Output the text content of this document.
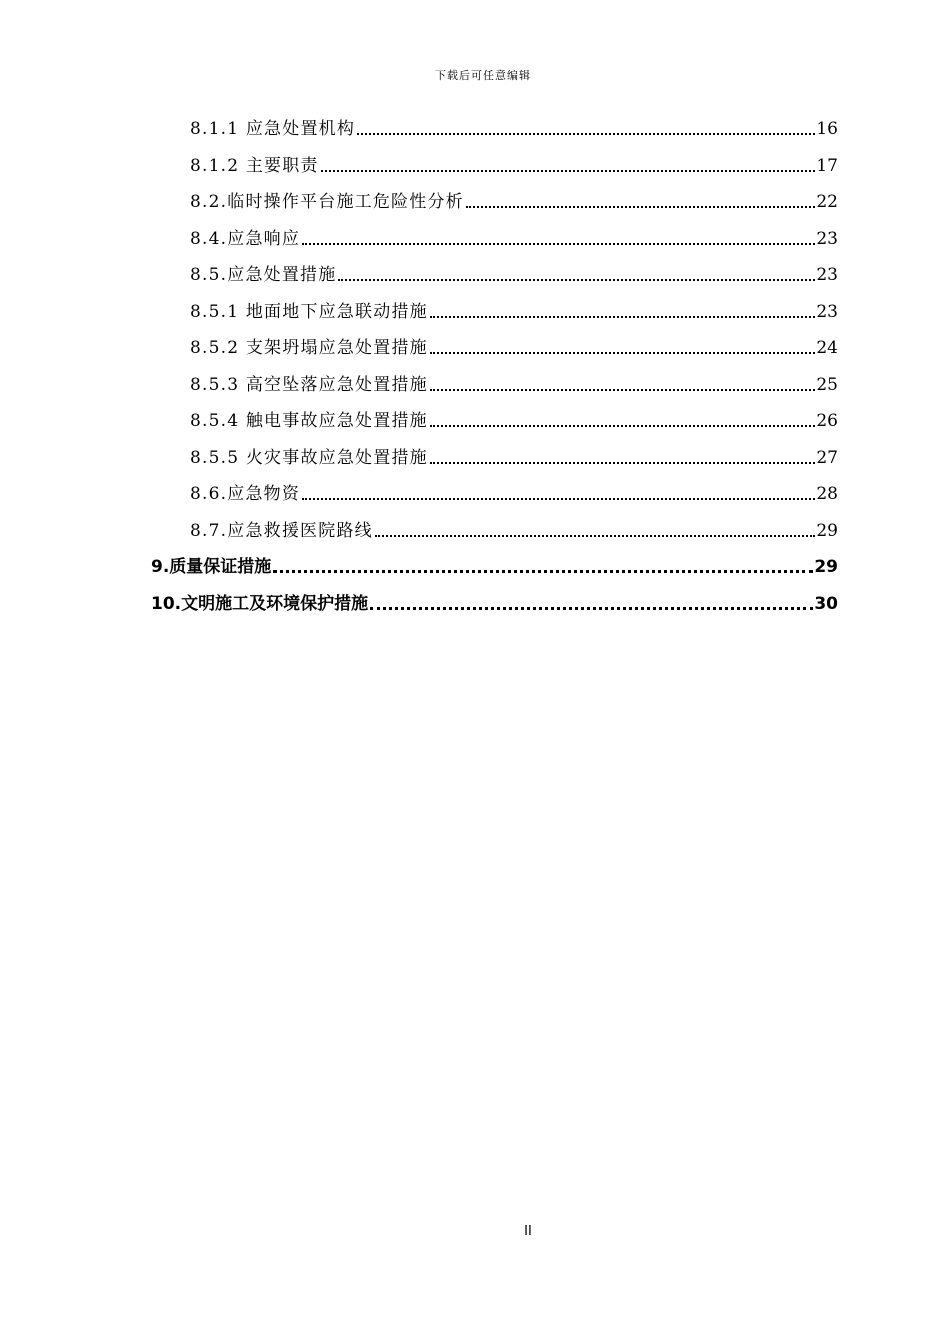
下载后可任意编辑
8.1.1 应急处置机构	16
8.1.2 主要职责	17
8.2.临时操作平台施工危险性分析	22
8.4.应急响应	23
8.5.应急处置措施	23
8.5.1 地面地下应急联动措施	23
8.5.2 支架坍塌应急处置措施	24
8.5.3 高空坠落应急处置措施	25
8.5.4 触电事故应急处置措施	26
8.5.5 火灾事故应急处置措施	27
8.6.应急物资	28
8.7.应急救援医院路线	29
9.质量保证措施	29
10.文明施工及环境保护措施	30
II
